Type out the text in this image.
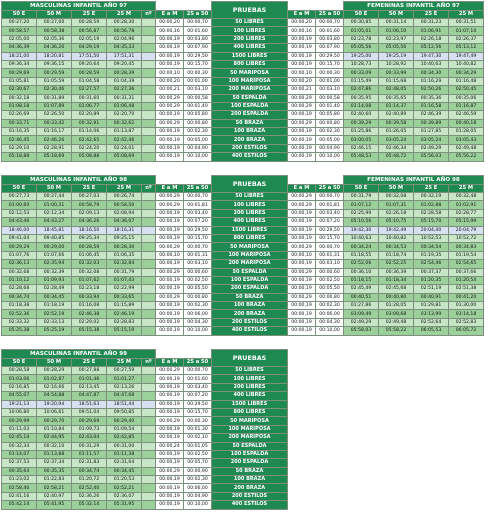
MASCULINAS INFANTIL AÑO 97							PRUEBAS			FEMENINAS INFANTIL AÑO 97			
50 E	50 M	25 E	25 M	nº	E a M	25 a 50		E a M	25 a 50	50 E	50 M	25 E	25 M
00:27,20	00:27,00	00:28,59	00:28,30		00:00,20	00:00,70	50 LIBRES	00:00,20	00:00,70	00:30,85	00:31,14	00:31,23	00:31,51
00:58,57	00:58,38	00:56,87	00:56,78		00:00,16	00:01,60	100 LIBRES	00:00,16	00:01,60	01:05,01	01:06,10	01:06,91	01:07,10
02:05,00	02:05,36	02:05,19	02:04,96		00:00,19	00:03,80	200 LIBRES	00:00,19	00:03,80	02:23,78	02:23,97	02:26,18	02:26,37
04:36,39	04:36,20	04:29,19	04:35,33		00:00,19	00:07,90	400 LIBRES	00:00,19	00:07,90	05:05,56	05:05,56	05:12,56	05:13,12
18:21,00	18:20,81	17:51,50	17:51,31		00:00,19	00:29,50	1500 LIBRES	00:00,19	00:29,50	19:25,00	19:25,19	19:47,30	19:47,49
09:36,34	09:36,15	09:20,64	09:20,45		00:00,19	00:15,70	800 LIBRES	00:00,19	00:15,70	10:28,73	10:28,92	10:40,63	10:40,82
00:29,69	00:29,59	00:28,59	00:28,39		00:00,10	00:00,30	50 MARIPOSA	00:00,10	00:00,30	00:33,09	00:33,99	00:34,30	00:34,29
01:05,81	01:05,59	01:04,58	01:04,39		00:00,20	00:01,00	100 MARIPOSA	00:00,20	00:01,00	01:15,49	01:15,68	01:16,29	01:16,48
02:30,67	02:30,46	02:27,57	02:27,36		00:00,21	00:03,10	200 MARIPOSA	00:00,21	00:03,10	02:47,86	02:48,05	02:50,26	02:50,45
00:32,18	00:31,89	00:31,60	00:31,31		00:00,29	00:00,58	50 ESPALDA	00:00,29	00:00,58	00:35,95	00:35,65	00:35,36	00:35,06
01:08,18	01:07,89	01:06,77	01:06,48		00:00,29	00:01,40	100 ESPALDA	00:00,29	00:01,40	01:14,08	01:14,37	01:16,58	01:16,87
02:26,69	02:26,50	02:20,89	02:20,70		00:00,19	00:05,80	200 ESPALDA	00:00,19	00:05,80	02:40,60	02:40,89	02:46,39	02:46,59
00:33,71	00:33,42	00:32,91	00:32,62		00:00,29	00:00,80	50 BRAZA	00:00,29	00:00,80	00:39,29	00:39,58	00:39,89	00:40,18
01:16,35	01:16,17	01:14,06	01:13,87		00:00,19	00:02,30	100 BRAZA	00:00,19	00:02,30	01:25,86	01:26,05	01:27,85	01:28,05
02:46,45	02:46,26	02:42,65	02:42,46		00:00,19	00:05,00	200 BRAZA	00:00,19	00:05,00	03:00,05	03:05,24	03:05,24	03:05,43
02:29,10	02:28,91	02:24,20	02:24,01		00:00,19	00:04,90	200 ESTILOS	00:00,19	00:04,90	02:46,15	02:46,34	02:49,29	02:49,48
05:18,88	05:18,69	05:08,88	05:08,69		00:00,19	00:10,00	400 ESTILOS	00:00,19	00:10,00	05:48,53	05:48,72	05:56,03	05:56,22
MASCULINAS INFANTIL AÑO 98							PRUEBAS			FEMENINAS INFANTIL AÑO 98			
50 E	50 M	25 E	25 M	nº	E a M	25 a 50		E a M	25 a 50	50 E	50 M	25 E	25 M
00:27,73	00:27,44	00:27,03	00:26,74		00:00,29	00:00,70	50 LIBRES	00:00,29	00:00,70	00:31,79	00:32,08	00:32,19	00:32,48
01:00,60	01:00,31	00:58,79	00:58,50		00:00,29	00:01,81	100 LIBRES	00:00,29	00:01,81	01:07,12	01:07,31	01:02,88	01:02,91
02:12,53	02:12,34	02:09,13	02:08,94		00:00,19	00:03,40	200 LIBRES	00:00,19	00:03,40	02:25,99	02:26,18	02:28,58	02:28,77
04:43,46	04:43,27	04:36,26	04:36,07		00:00,19	00:07,20	400 LIBRES	00:00,19	00:07,20	05:10,56	05:10,75	05:15,70	05:15,99
18:46,00	18:45,81	18:16,50	18:16,31		00:00,19	00:29,50	1500 LIBRES	00:00,19	00:29,50	19:42,30	19:42,49	20:04,40	20:04,79
09:41,04	09:40,85	09:25,34	09:25,15		00:00,19	00:15,70	800 LIBRES	00:00,19	00:15,70	10:40,63	10:40,82	10:52,53	10:52,72
00:29,29	00:29,00	00:28,59	00:28,30		00:00,29	00:00,70	50 MARIPOSA	00:00,29	00:00,70	00:34,24	00:34,53	00:34,54	00:34,83
01:07,76	01:07,66	01:06,45	01:06,35		00:00,10	00:01,31	100 MARIPOSA	00:00,10	00:01,31	01:18,55	01:18,74	01:19,35	01:19,54
02:36,13	02:35,94	02:32,03	02:32,84		00:00,19	00:03,10	200 MARIPOSA	00:00,19	00:03,10	02:52,06	02:52,25	02:54,46	02:54,65
00:32,68	00:32,39	00:32,08	00:31,79		00:00,29	00:00,60	50 ESPALDA	00:00,29	00:00,60	00:36,10	00:36,39	00:37,37	00:37,66
01:10,12	01:09,93	01:07,62	01:07,43		00:00,19	00:02,50	100 ESPALDA	00:00,19	00:02,50	01:18,15	01:18,34	01:20,35	01:20,54
02:28,68	02:28,49	02:23,18	02:22,99		00:00,19	00:05,50	200 ESPALDA	00:00,19	00:05,50	02:45,49	02:45,68	02:51,19	02:51,38
00:34,74	00:34,45	00:33,94	00:33,65		00:00,29	00:00,80	50 BRAZA	00:00,29	00:00,80	00:40,51	00:40,80	00:40,91	00:41,20
01:18,38	01:18,19	01:16,08	01:15,89		00:00,19	00:02,30	100 BRAZA	00:00,19	00:02,30	01:27,86	01:28,05	01:29,81	01:30,00
02:52,36	02:52,19	02:46,38	02:46,19		00:00,19	00:06,00	200 BRAZA	00:00,19	00:06,00	03:09,49	03:09,68	03:13,99	03:14,18
02:33,32	02:33,13	02:29,02	02:28,83		00:00,19	00:04,30	200 ESTILOS	00:00,19	00:04,30	02:49,29	02:49,48	02:52,64	02:52,83
05:25,38	05:25,19	05:15,38	05:15,19		00:00,19	00:10,00	400 ESTILOS	00:00,19	00:10,00	05:58,03	05:58,22	06:05,53	06:05,72
MASCULINAS INFANTIL AÑO 99							PRUEBAS
50 E	50 M	25 E	25 M	nº	E a M	25 a 50	
00:28,58	00:28,29	00:27,88	00:27,59		00:00,29	00:00,70	50 LIBRES
01:03,06	01:02,87	01:01,46	01:01,27		00:00,19	00:01,60	100 LIBRES
02:16,85	02:16,66	02:13,45	02:13,26		00:00,19	00:03,40	200 LIBRES
04:55,07	04:54,88	04:47,87	04:47,68		00:00,19	00:07,20	400 LIBRES
19:21,13	19:20,94	18:51,63	18:51,44		00:00,19	00:29,50	1500 LIBRES
10:06,80	10:06,61	09:51,04	09:50,85		00:00,19	00:15,70	800 LIBRES
00:29,99	00:29,70	00:29,69	00:29,40		00:00,29	00:00,30	50 MARIPOSA
01:11,03	01:10,84	01:09,73	01:09,54		00:00,19	00:01,30	100 MARIPOSA
02:45,14	02:44,95	02:43,04	02:42,85		00:00,19	00:02,10	200 MARIPOSA
00:32,34	00:32,10	00:31,29	00:31,00		00:00,24	00:01,05	50 ESPALDA
01:14,07	01:13,88	01:11,57	01:11,38		00:00,19	00:02,50	100 ESPALDA
02:37,53	02:37,34	02:31,83	02:31,64		00:00,19	00:05,70	200 ESPALDA
00:35,64	00:35,35	00:34,74	00:34,45		00:00,29	00:00,90	50 BRAZA
01:23,02	01:22,83	01:20,72	01:20,53		00:00,19	00:02,30	100 BRAZA
02:58,40	02:58,21	02:52,40	02:52,21		00:00,19	00:06,00	200 BRAZA
02:41,16	02:40,97	02:36,26	02:36,07		00:00,19	00:04,90	200 ESTILOS
05:42,14	05:41,95	05:32,14	05:31,95		00:00,19	00:10,00	400 ESTILOS
